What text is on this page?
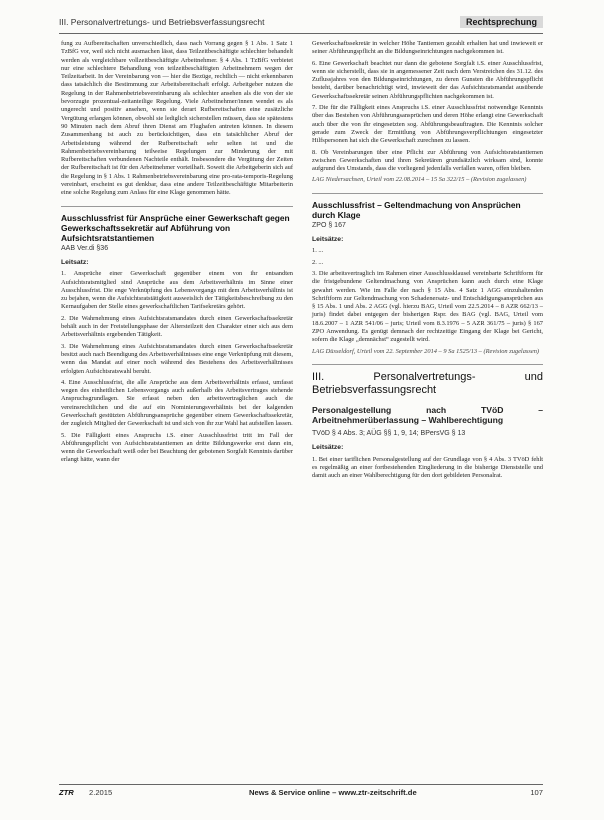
III. Personalvertretungs- und Betriebsverfassungsrecht	Rechtsprechung

fung zu Aufbereitschaften unverschiedlich, dass nach Vorrang gegen § 1 Abs. 1 Satz 1 TzBfG vor, weil sich nicht ausmachen lässt, dass Teilzeitbeschäftigte schlechter behandelt werden als vergleichbare vollzeitbeschäftigte Arbeitnehmer. § 4 Abs. 1 TzBfG verbietet nur eine schlechtere Behandlung von teilzeitbeschäftigten Arbeitnehmern wegen der Teilzeitarbeit. In der Vereinbarung von — hier die Bezüge, rechtlich — nicht erkennbaren dass tatsächlich die Bestimmung zur Arbeitsbereitschaft erfolgt. Arbeitgeber nutzen die Regelung in der Rahmenbetriebsvereinbarung als schlechter ansehen als die von der sie bevorzugte prozentual-zeitanteilige Regelung. Viele Arbeitnehmer/innen wendet es als ungerecht und positiv ansehen, wenn sie derart Rufbereitschaften eine zusätzliche Vergütung erlangen können, obwohl sie lediglich sicherstellen müssen, dass sie spätestens 90 Minuten nach dem Abruf ihren Dienst am Flughafen antreten können. In diesem Zusammenhang ist auch zu berücksichtigen, dass ein tatsächlicher Abruf der Arbeitsleistung während der Rufbereitschaft sehr selten ist und die Rahmenbetriebsvereinbarung teilweise Regelungen zur Minderung der mit Rufbereitschaften verbundenen Nachteile enthält. Insbesondere die Vergütung der Zeiten der Rufbereitschaft ist für den Arbeitnehmer vorteilhaft. Soweit die Arbeitgeberin sich auf die Regelung in § 1 Abs. 1 Rahmenbetriebsvereinbarung eine pro-rata-temporis-Regelung vereinbart, erscheint es gut denkbar, dass eine andere Teilzeitbeschäftigte Mitarbeiterin eine solche Regelung zum Anlass für eine Klage genommen hätte.

Ausschlussfrist für Ansprüche einer Gewerkschaft gegen Gewerkschaftssekretär auf Abführung von Aufsichtsratstantiemen
AAB Ver.di §36
Leitsatz:

1. Ansprüche einer Gewerkschaft gegenüber einem von ihr entsandten Aufsichtsratsmitglied sind Ansprüche aus dem Arbeitsverhältnis im Sinne einer Ausschlussfrist. Die enge Verknüpfung des Lebensvorgangs mit dem Arbeitsverhältnis ist zu bejahen, wenn die Aufsichtsratstätigkeit ausweislich der Tätigkeitsbeschreibung zu den Kernaufgaben der Stelle eines gewerkschaftlichen Tarifsekretärs gehört.

2. Die Wahrnehmung eines Aufsichtsratsmandates durch einen Gewerkschaftssekretär behält auch in der Freistellungsphase der Altersteilzeit den Charakter einer sich aus dem Arbeitsverhältnis ergebenden Tätigkeit.

3. Die Wahrnehmung eines Aufsichtsratsmandates durch einen Gewerkschaftssekretär besitzt auch nach Beendigung des Arbeitsverhältnisses eine enge Verknüpfung mit diesem, wenn das Mandat auf einer noch während des Bestehens des Arbeitsverhältnisses erfolgten Aufsichtsratswahl beruht.

4. Eine Ausschlussfrist, die alle Ansprüche aus dem Arbeitsverhältnis erfasst, umfasst wegen des einheitlichen Lebensvorgangs auch außerhalb des Arbeitsvertrages stehende Anspruchsgrundlagen. Sie erfasst neben den arbeitsvertraglichen auch die vereinsrechtlichen und die auf ein Nominierungsverhältnis bei der kalgenden Gewerkschaft gestützten Abführungsansprüche gegenüber einem Gewerkschaftssekretär, der zugleich Mitglied der Gewerkschaft ist und sich von ihr zur Wahl hat aufstellen lassen.

5. Die Fälligkeit eines Anspruchs i.S. einer Ausschlussfrist tritt im Fall der Abführungspflicht von Aufsichtsratstantiemen an dritte Bildungswerke erst dann ein, wenn die Gewerkschaft weiß oder bei Beachtung der gebotenen Sorgfalt Kenntnis darüber erlangt hätte, wann der

Gewerkschaftssekretär in welcher Höhe Tantiemen gezahlt erhalten hat und inwieweit er seiner Abführungspflicht an die Bildungseinrichtungen nachgekommen ist.

6. Eine Gewerkschaft beachtet nur dann die gebotene Sorgfalt i.S. einer Ausschlussfrist, wenn sie sicherstellt, dass sie in angemessener Zeit nach dem Verstreichen des 31.12. des Zuflussjahres von den Bildungseinrichtungen, zu deren Gunsten die Abführungspflicht besteht, darüber benachrichtigt wird, inwieweit der das Aufsichtsratsmandat ausübende Gewerkschaftssekretär seinen Abführungspflichten nachgekommen ist.

7. Die für die Fälligkeit eines Anspruchs i.S. einer Ausschlussfrist notwendige Kenntnis über das Bestehen von Abführungsansprüchen und deren Höhe erlangt eine Gewerkschaft auch über die von ihr eingesetzten sog. Abführungsbeauftragten. Die Kenntnis solcher gerade zum Zweck der Ermittlung von Abführungsverpflichtungen eingesetzter Hilfspersonen hat sich die Gewerkschaft zurechnen zu lassen.

8. Ob Vereinbarungen über eine Pflicht zur Abführung von Aufsichtsratstantiemen zwischen Gewerkschaften und ihren Sekretären grundsätzlich wirksam sind, konnte aufgrund des Umstands, dass die vorliegend jedenfalls verfallen waren, offen bleiben.

LAG Niedersachsen, Urteil vom 22.08.2014 – 15 Sa 322/15 – (Revision zugelassen)

Ausschlussfrist – Geltendmachung von Ansprüchen durch Klage
ZPO § 167
Leitsätze:

1. ...

2. ...

3. Die arbeitsvertraglich im Rahmen einer Ausschlussklausel vereinbarte Schriftform für die fristgebundene Geltendmachung von Ansprüchen kann auch durch eine Klage gewahrt werden. Wie im Falle der nach § 15 Abs. 4 Satz 1 AGG einzuhaltenden Schriftform zur Geltendmachung von Schadenersatz- und Entschädigungsansprüchen aus § 15 Abs. 1 und Abs. 2 AGG (vgl. hierzu BAG, Urteil vom 22.5.2014 – 8 AZR 662/13 – juris) findet dabei entgegen der bisherigen Rspr. des BAG (vgl. BAG, Urteil vom 18.6.2007 – 1 AZR 541/06 – juris; Urteil vom 8.3.1976 – 5 AZR 361/75 – juris) § 167 ZPO Anwendung. Es genügt demnach der rechtzeitige Eingang der Klage bei Gericht, sofern die Klage „demnächst“ zugestellt wird.

LAG Düsseldorf, Urteil vom 22. September 2014 – 9 Sa 1525/13 – (Revision zugelassen)

III. Personalvertretungs- und Betriebsverfassungsrecht
Personalgestellung nach TVöD – Arbeitnehmerüberlassung – Wahlberechtigung
TVöD § 4 Abs. 3; AÜG §§ 1, 9, 14; BPersVG § 13
Leitsätze:

1. Bei einer tariflichen Personalgestellung auf der Grundlage von § 4 Abs. 3 TVöD fehlt es regelmäßig an einer fortbestehenden Eingliederung in die bisherige Dienststelle und damit auch an einer Wahlberechtigung für den dort gebildeten Personalrat.

ZTR 2.2015	News & Service online – www.ztr-zeitschrift.de	107
